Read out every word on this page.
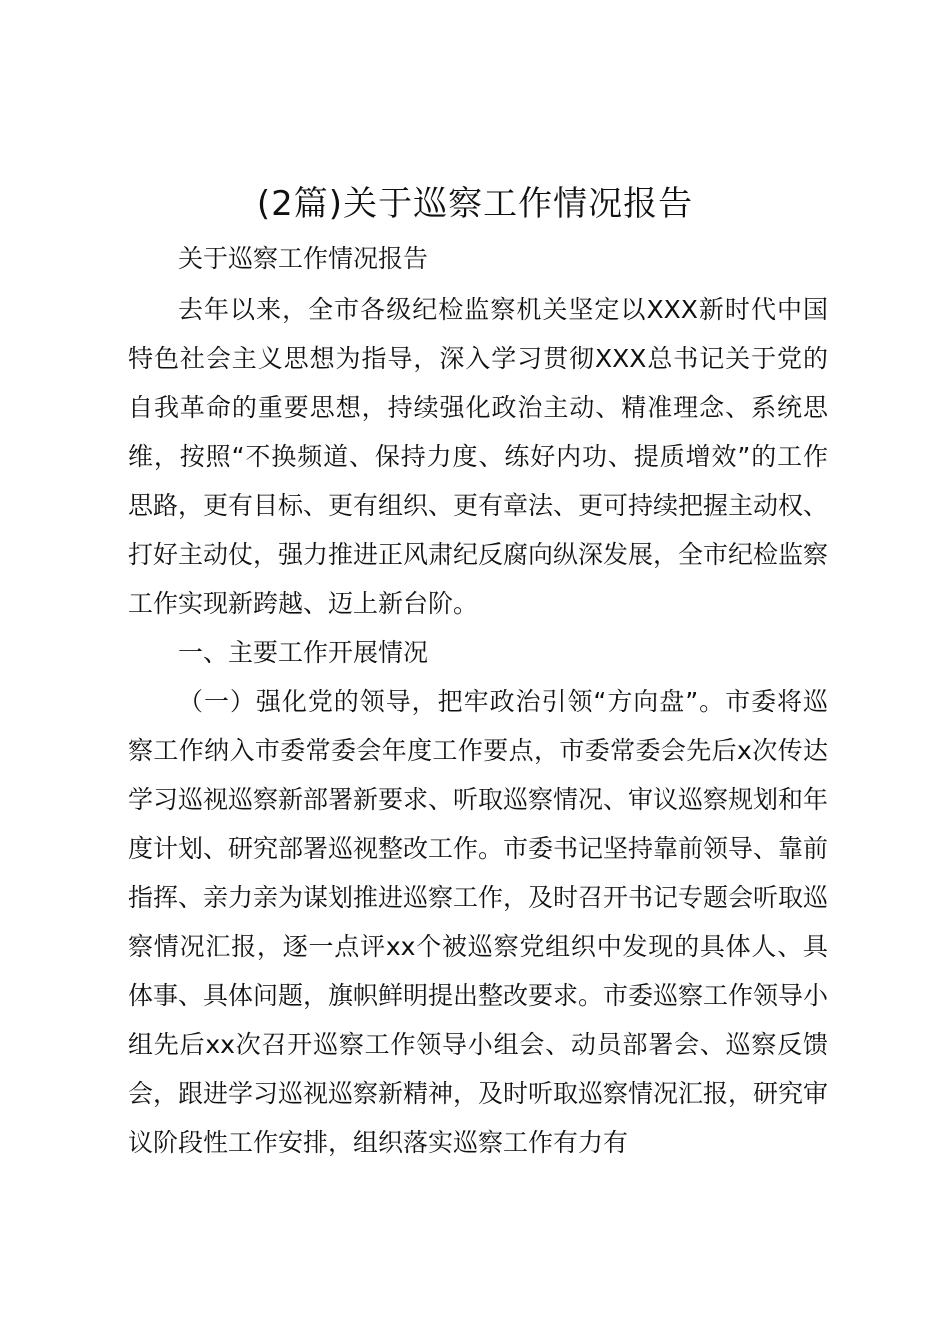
(2篇)关于巡察工作情况报告

关于巡察工作情况报告

去年以来，全市各级纪检监察机关坚定以XXX新时代中国特色社会主义思想为指导，深入学习贯彻XXX总书记关于党的自我革命的重要思想，持续强化政治主动、精准理念、系统思维，按照“不换频道、保持力度、练好内功、提质增效”的工作思路，更有目标、更有组织、更有章法、更可持续把握主动权、打好主动仗，强力推进正风肃纪反腐向纵深发展，全市纪检监察工作实现新跨越、迈上新台阶。

一、主要工作开展情况

（一）强化党的领导，把牢政治引领“方向盘”。市委将巡察工作纳入市委常委会年度工作要点，市委常委会先后x次传达学习巡视巡察新部署新要求、听取巡察情况、审议巡察规划和年度计划、研究部署巡视整改工作。市委书记坚持靠前领导、靠前指挥、亲力亲为谋划推进巡察工作，及时召开书记专题会听取巡察情况汇报，逐一点评xx个被巡察党组织中发现的具体人、具体事、具体问题，旗帜鲜明提出整改要求。市委巡察工作领导小组先后xx次召开巡察工作领导小组会、动员部署会、巡察反馈会，跟进学习巡视巡察新精神，及时听取巡察情况汇报，研究审议阶段性工作安排，组织落实巡察工作有力有
